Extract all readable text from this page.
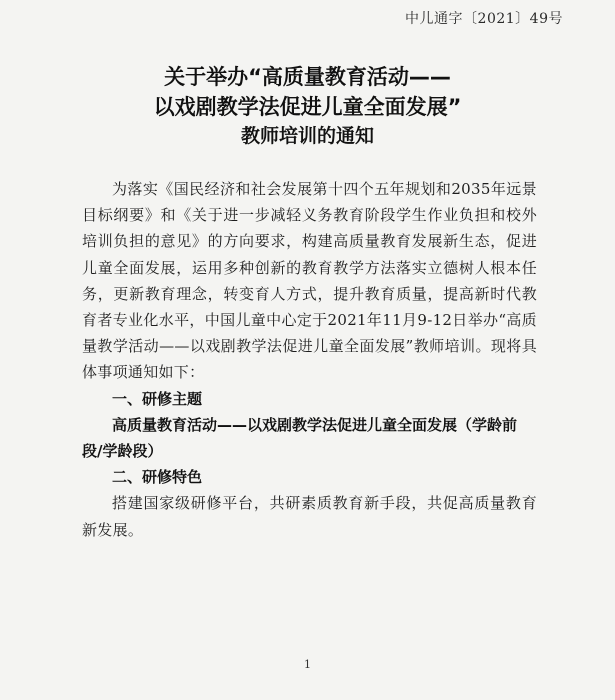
中儿通字〔2021〕49号
关于举办“高质量教育活动——
以戏剧教学法促进儿童全面发展”
教师培训的通知

为落实《国民经济和社会发展第十四个五年规划和2035年远景目标纲要》和《关于进一步减轻义务教育阶段学生作业负担和校外培训负担的意见》的方向要求，构建高质量教育发展新生态，促进儿童全面发展，运用多种创新的教育教学方法落实立德树人根本任务，更新教育理念，转变育人方式，提升教育质量，提高新时代教育者专业化水平，中国儿童中心定于2021年11月9-12日举办“高质量教学活动——以戏剧教学法促进儿童全面发展”教师培训。现将具体事项通知如下：

一、研修主题

高质量教育活动——以戏剧教学法促进儿童全面发展（学龄前段/学龄段）

二、研修特色

搭建国家级研修平台，共研素质教育新手段，共促高质量教育新发展。

1
